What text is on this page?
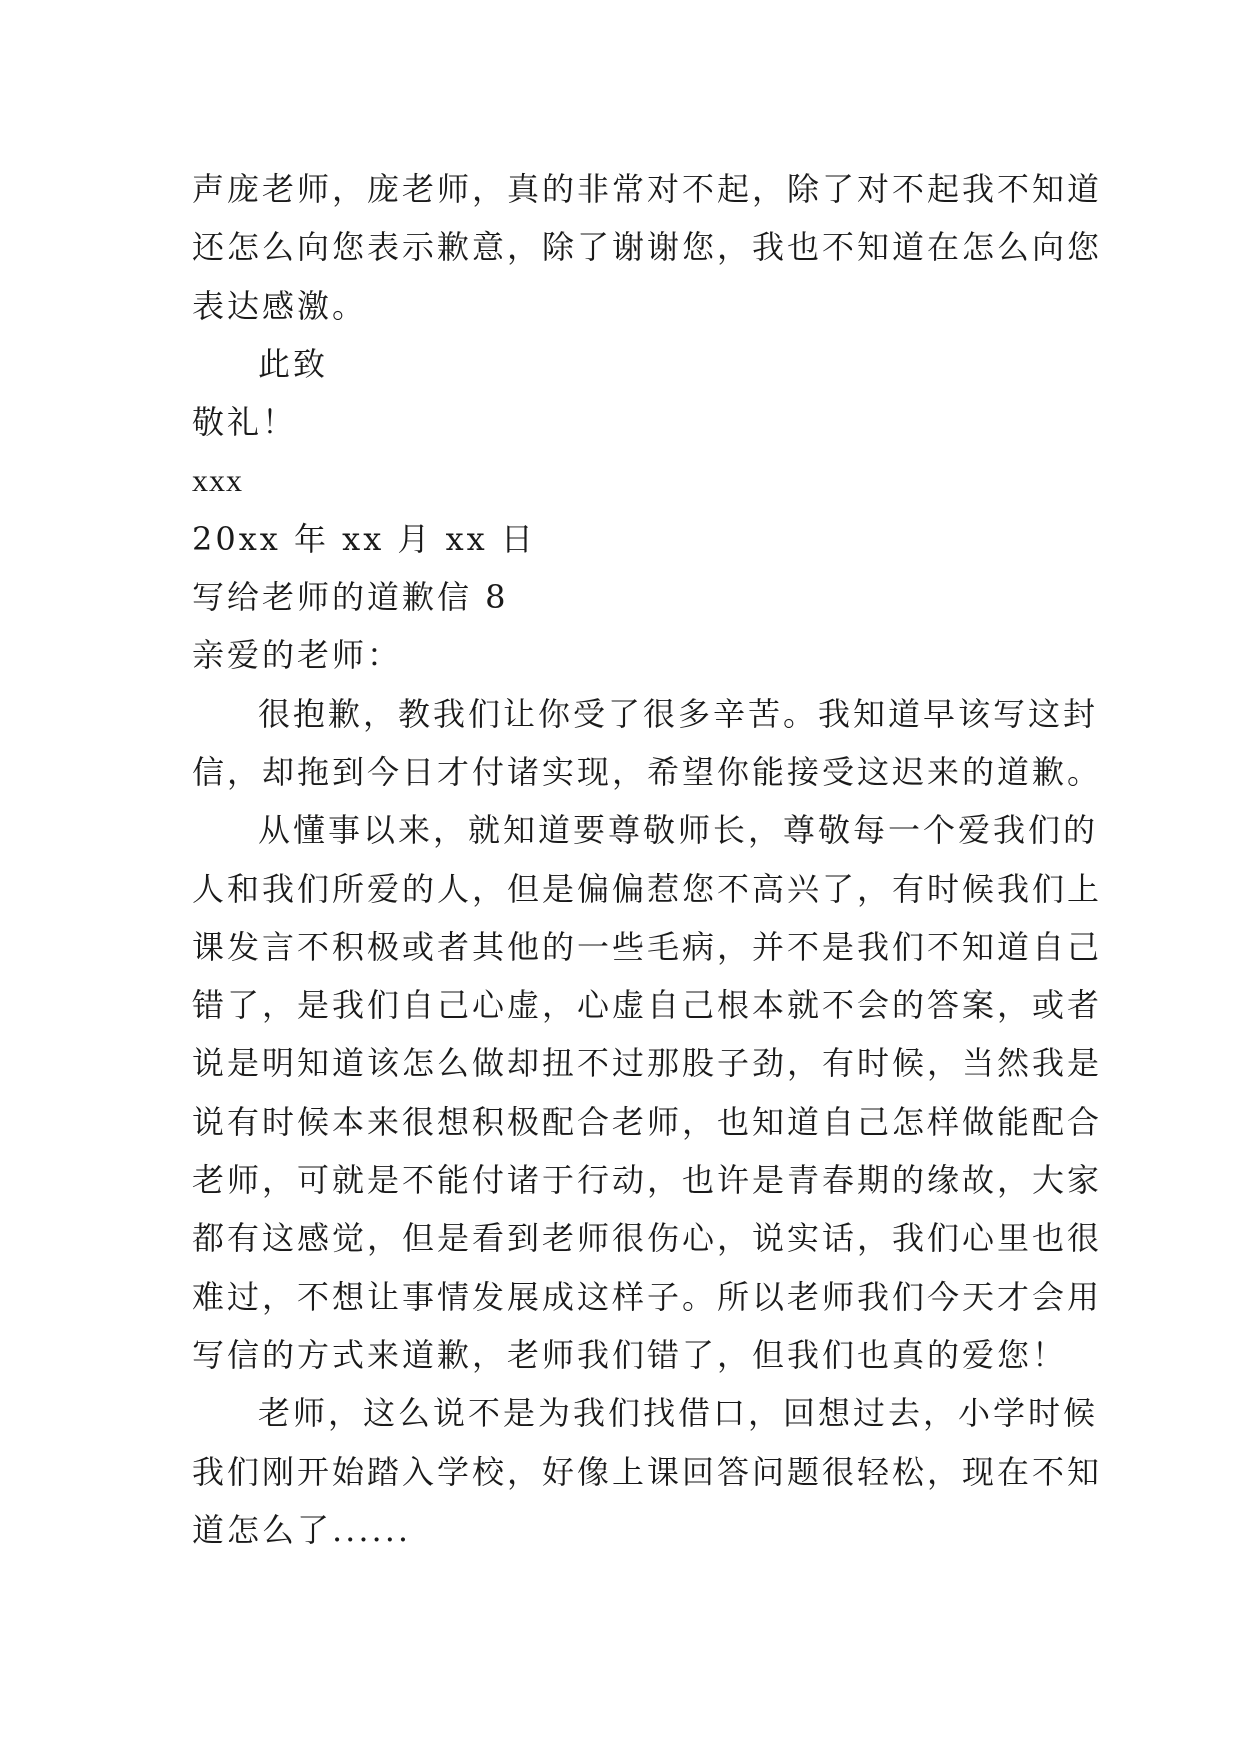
声庞老师，庞老师，真的非常对不起，除了对不起我不知道
还怎么向您表示歉意，除了谢谢您，我也不知道在怎么向您
表达感激。
此致
敬礼！
xxx
20xx 年 xx 月 xx 日
写给老师的道歉信 8
亲爱的老师：
很抱歉，教我们让你受了很多辛苦。我知道早该写这封
信，却拖到今日才付诸实现，希望你能接受这迟来的道歉。
从懂事以来，就知道要尊敬师长，尊敬每一个爱我们的
人和我们所爱的人，但是偏偏惹您不高兴了，有时候我们上
课发言不积极或者其他的一些毛病，并不是我们不知道自己
错了，是我们自己心虚，心虚自己根本就不会的答案，或者
说是明知道该怎么做却扭不过那股子劲，有时候，当然我是
说有时候本来很想积极配合老师，也知道自己怎样做能配合
老师，可就是不能付诸于行动，也许是青春期的缘故，大家
都有这感觉，但是看到老师很伤心，说实话，我们心里也很
难过，不想让事情发展成这样子。所以老师我们今天才会用
写信的方式来道歉，老师我们错了，但我们也真的爱您！
老师，这么说不是为我们找借口，回想过去，小学时候
我们刚开始踏入学校，好像上课回答问题很轻松，现在不知
道怎么了......
